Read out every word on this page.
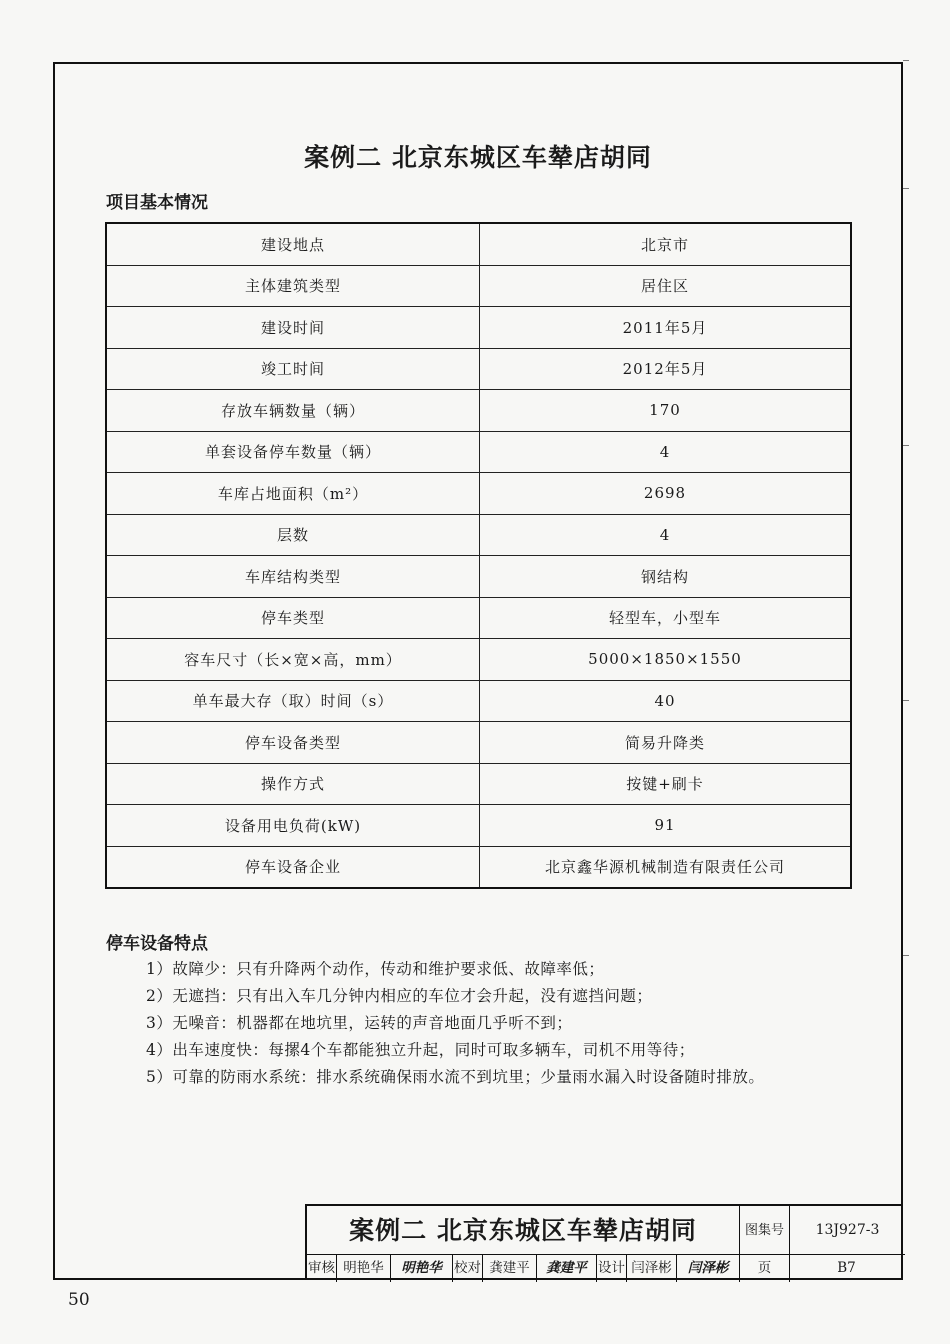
案例二 北京东城区车辇店胡同
项目基本情况
建设地点	北京市
主体建筑类型	居住区
建设时间	2011年5月
竣工时间	2012年5月
存放车辆数量（辆）	170
单套设备停车数量（辆）	4
车库占地面积（m²）	2698
层数	4
车库结构类型	钢结构
停车类型	轻型车，小型车
容车尺寸（长×宽×高，mm）	5000×1850×1550
单车最大存（取）时间（s）	40
停车设备类型	简易升降类
操作方式	按键+刷卡
设备用电负荷(kW)	91
停车设备企业	北京鑫华源机械制造有限责任公司
停车设备特点

1）故障少：只有升降两个动作，传动和维护要求低、故障率低；

2）无遮挡：只有出入车几分钟内相应的车位才会升起，没有遮挡问题；

3）无噪音：机器都在地坑里，运转的声音地面几乎听不到；

4）出车速度快：每摞4个车都能独立升起，同时可取多辆车，司机不用等待；

5）可靠的防雨水系统：排水系统确保雨水流不到坑里；少量雨水漏入时设备随时排放。

案例二 北京东城区车辇店胡同	图集号	13J927-3
审核 明艳华	明艳华 校对 龚建平	龚建平 设计 闫泽彬	闫泽彬	页	B7
50
